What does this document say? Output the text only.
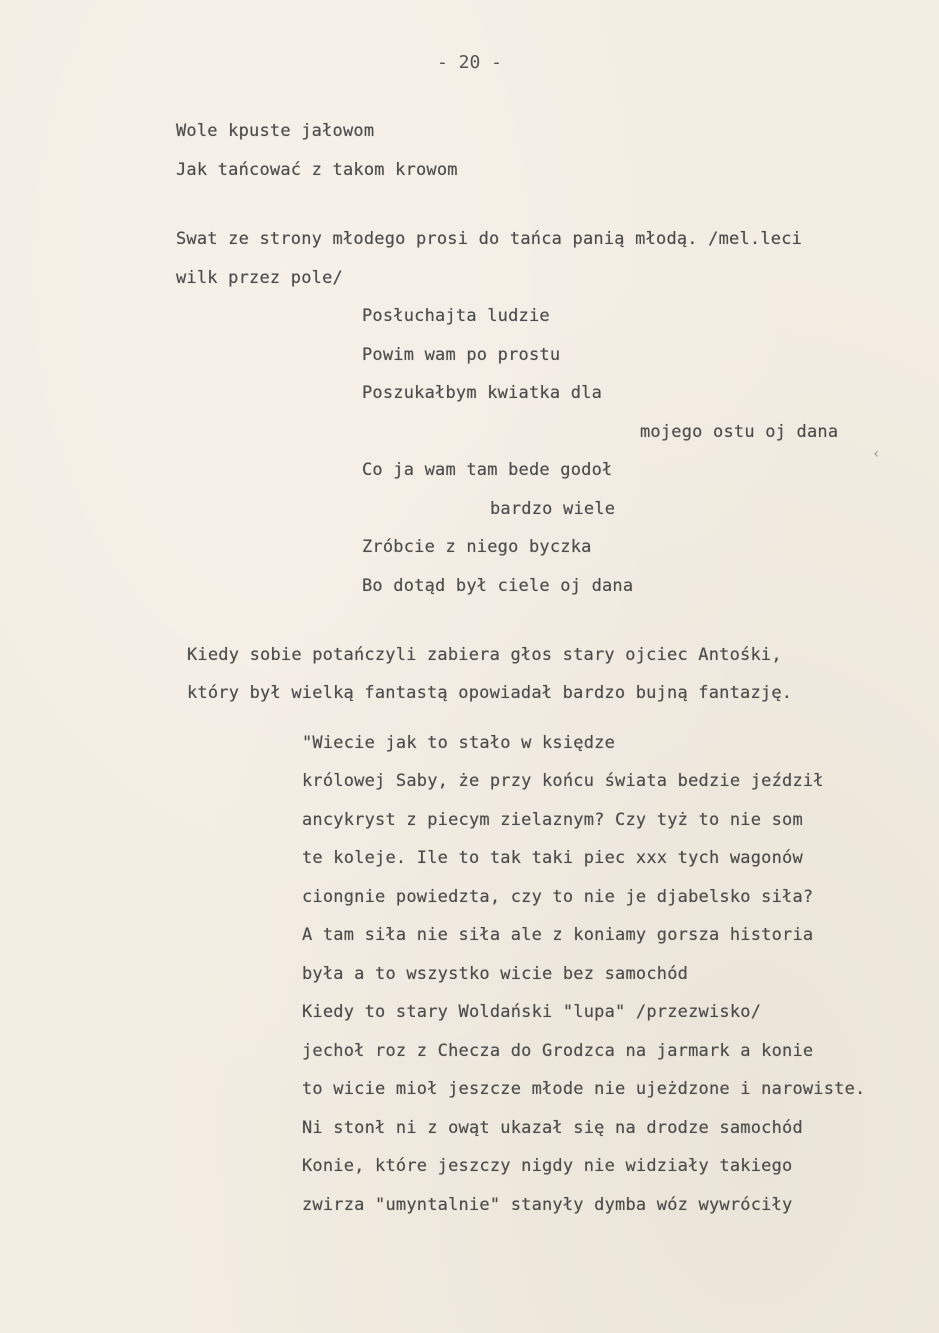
- 20 -
Wole kpuste jałowom
Jak tańcować z takom krowom
Swat ze strony młodego prosi do tańca panią młodą. /mel.leci
wilk przez pole/
Posłuchajta ludzie
Powim wam po prostu
Poszukałbym kwiatka dla
mojego ostu oj dana
Co ja wam tam bede godoł
bardzo wiele
Zróbcie z niego byczka
Bo dotąd był ciele oj dana
Kiedy sobie potańczyli zabiera głos stary ojciec Antośki,
który był wielką fantastą opowiadał bardzo bujną fantazję.
"Wiecie jak to stało w księdze
królowej Saby, że przy końcu świata bedzie jeździł
ancykryst z piecym zielaznym? Czy tyż to nie som
te koleje. Ile to tak taki piec xxx tych wagonów
ciongnie powiedzta, czy to nie je djabelsko siła?
A tam siła nie siła ale z koniamy gorsza historia
była a to wszystko wicie bez samochód
Kiedy to stary Woldański "lupa" /przezwisko/
jechoł roz z Checza do Grodzca na jarmark a konie
to wicie mioł jeszcze młode nie ujeżdzone i narowiste.
Ni stonł ni z owąt ukazał się na drodze samochód
Konie, które jeszczy nigdy nie widziały takiego
zwirza "umyntalnie" stanyły dymba wóz wywróciły
‹
